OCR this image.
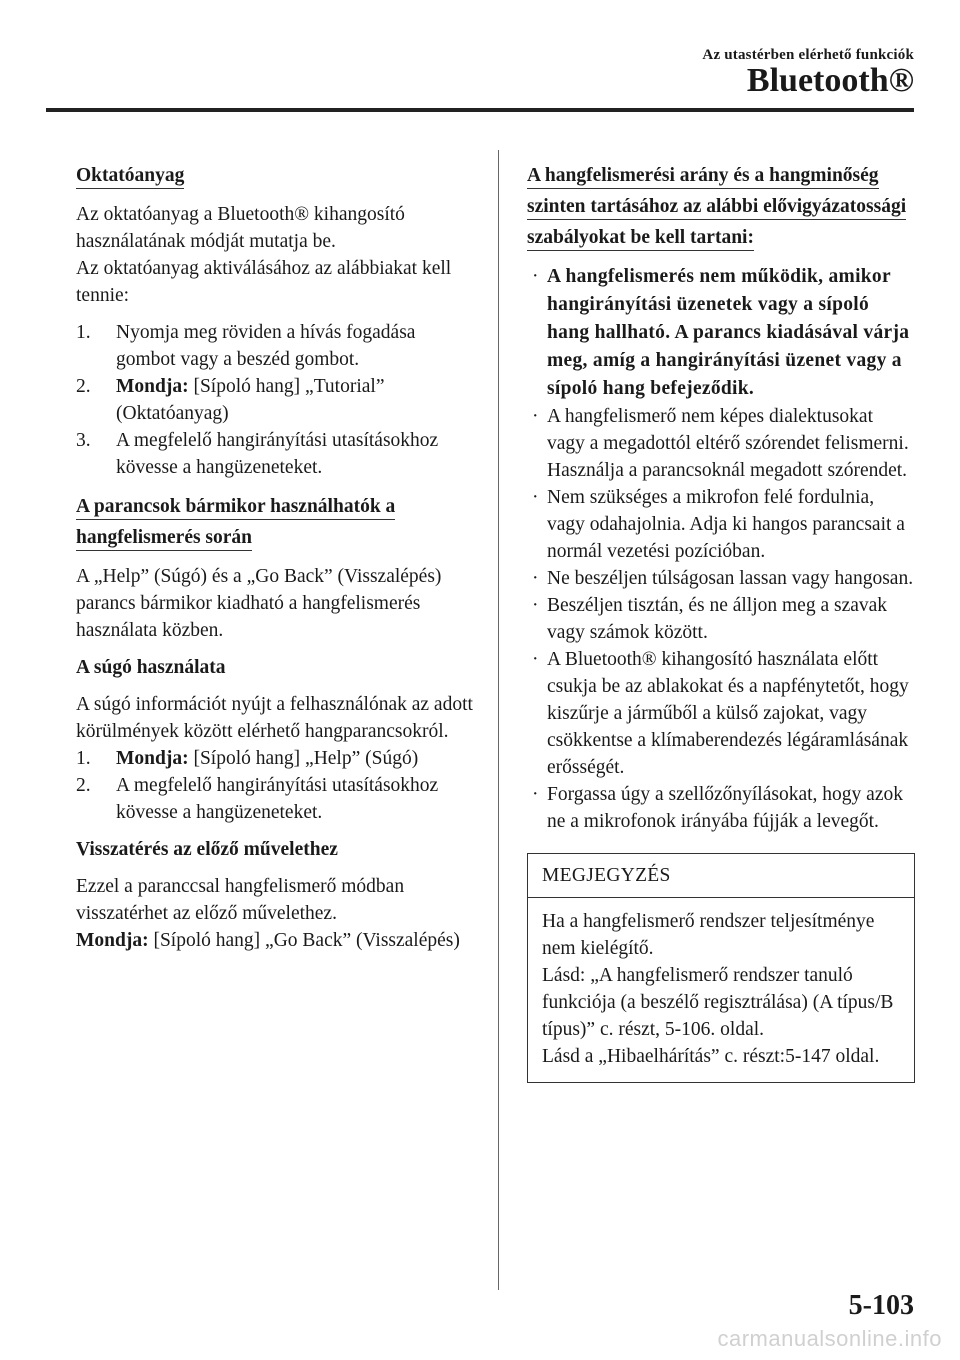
Az utastérben elérhető funkciók
Bluetooth®
Oktatóanyag

Az oktatóanyag a Bluetooth® kihangosító használatának módját mutatja be.

Az oktatóanyag aktiválásához az alábbiakat kell tennie:

1. Nyomja meg röviden a hívás fogadása gombot vagy a beszéd gombot.
2. Mondja: [Sípoló hang] „Tutorial” (Oktatóanyag)
3. A megfelelő hangirányítási utasításokhoz kövesse a hangüzeneteket.
A parancsok bármikor használhatók a hangfelismerés során

A „Help” (Súgó) és a „Go Back” (Visszalépés) parancs bármikor kiadható a hangfelismerés használata közben.

A súgó használata

A súgó információt nyújt a felhasználónak az adott körülmények között elérhető hangparancsokról.

1. Mondja: [Sípoló hang] „Help” (Súgó)
2. A megfelelő hangirányítási utasításokhoz kövesse a hangüzeneteket.
Visszatérés az előző művelethez

Ezzel a paranccsal hangfelismerő módban visszatérhet az előző művelethez.

Mondja: [Sípoló hang] „Go Back” (Visszalépés)

A hangfelismerési arány és a hangminőség szinten tartásához az alábbi elővigyázatossági szabályokat be kell tartani:
· A hangfelismerés nem működik, amikor hangirányítási üzenetek vagy a sípoló hang hallható. A parancs kiadásával várja meg, amíg a hangirányítási üzenet vagy a sípoló hang befejeződik.
· A hangfelismerő nem képes dialektusokat vagy a megadottól eltérő szórendet felismerni. Használja a parancsoknál megadott szórendet.
· Nem szükséges a mikrofon felé fordulnia, vagy odahajolnia. Adja ki hangos parancsait a normál vezetési pozícióban.
· Ne beszéljen túlságosan lassan vagy hangosan.
· Beszéljen tisztán, és ne álljon meg a szavak vagy számok között.
· A Bluetooth® kihangosító használata előtt csukja be az ablakokat és a napfénytetőt, hogy kiszűrje a járműből a külső zajokat, vagy csökkentse a klímaberendezés légáramlásának erősségét.
· Forgassa úgy a szellőzőnyílásokat, hogy azok ne a mikrofonok irányába fújják a levegőt.
MEGJEGYZÉS

Ha a hangfelismerő rendszer teljesítménye nem kielégítő.

Lásd: „A hangfelismerő rendszer tanuló funkciója (a beszélő regisztrálása) (A típus/B típus)” c. részt, 5-106. oldal.

Lásd a „Hibaelhárítás” c. részt:5-147 oldal.

5-103
carmanualsonline.info
